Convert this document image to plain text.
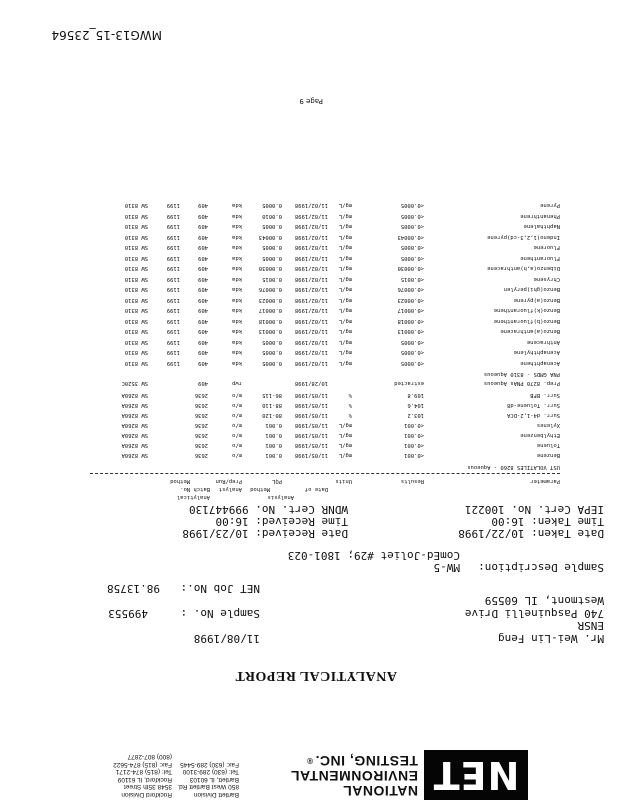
MWG13-15_23564
Page 9
NET
NATIONAL
ENVIRONMENTAL
TESTING, INC.®
Bartlett Division
850 West Bartlett Rd.
Bartlett, IL 60103
Tel: (630) 289-3100
Fax: (630) 289-5445
Rockford Division
3548 35th Street
Rockford, IL 61109
Tel: (815) 874-2171
Fax: (815) 874-5622
(800) 807-2877
ANALYTICAL REPORT
Mr. Wei-Lin Feng
11/08/1998
ENSR
740 Pasquinelli Drive
Sample No. :
499553
Westmont, IL 60559
NET Job No.:
98.13758
Sample Description:
MW-5
ComEd-Joliet #29; 1801-023
Date Taken: 10/22/1998
Date Received: 10/23/1998
Time Taken: 16:00
Time Received: 16:00
IEPA Cert. No. 100221
WDNR Cert. No. 999447130
Analysis
Analytical
Date of
Method
Analyst
Batch No.
Parameter
Results
Units
PQL
Prep/Run
Method
UST VOLATILES 8260 - Aqueous
Benzene
<0.001
mg/L
11/05/1998
0.001
m/o
2636
SW 8260A
Toluene
<0.001
mg/L
11/05/1998
0.001
m/o
2636
SW 8260A
Ethylbenzene
<0.001
mg/L
11/05/1998
0.001
m/o
2636
SW 8260A
Xylenes
<0.001
mg/L
11/05/1998
0.001
m/o
2636
SW 8260A
Surr. d4-1,2-DCA
103.2
%
11/05/1998
80-120
m/o
2636
SW 8260A
Surr. Toluene-d8
104.6
%
11/05/1998
88-110
m/o
2636
SW 8260A
Surr. BFB
109.8
%
11/05/1998
86-115
m/o
2636
SW 8260A
Prep. 8270 PNAs Aqueous
extracted
10/28/1998
rwp
409
SW 3520C
PNA GMDS - 8310 Aqueous
Acenaphthene
<0.0005
mg/L
11/02/1998
0.0005
kda
409
1199
SW 8310
Acenaphthylene
<0.0005
mg/L
11/02/1998
0.0005
kda
409
1199
SW 8310
Anthracene
<0.0005
mg/L
11/02/1998
0.0005
kda
409
1199
SW 8310
Benzo(a)anthracene
<0.00013
mg/L
11/02/1998
0.00013
kda
409
1199
SW 8310
Benzo(b)fluoranthene
<0.00018
mg/L
11/02/1998
0.00018
kda
409
1199
SW 8310
Benzo(k)fluoranthene
<0.00017
mg/L
11/02/1998
0.00017
kda
409
1199
SW 8310
Benzo(a)pyrene
<0.00023
mg/L
11/02/1998
0.00023
kda
409
1199
SW 8310
Benzo(ghi)perylen
<0.00076
mg/L
11/02/1998
0.00076
kda
409
1199
SW 8310
Chrysene
<0.0015
mg/L
11/02/1998
0.0015
kda
409
1199
SW 8310
Dibenzo(a,h)anthracene
<0.00030
mg/L
11/02/1998
0.00030
kda
409
1199
SW 8310
Fluoranthene
<0.0005
mg/L
11/02/1998
0.0005
kda
409
1199
SW 8310
Fluorene
<0.0005
mg/L
11/02/1998
0.0005
kda
409
1199
SW 8310
Indeno(1,2,3-cd)pyrene
<0.00043
mg/L
11/02/1998
0.00043
kda
409
1199
SW 8310
Naphthalene
<0.0005
mg/L
11/02/1998
0.0005
kda
409
1199
SW 8310
Phenanthrene
<0.0005
mg/L
11/02/1998
0.0010
kda
409
1199
SW 8310
Pyrene
<0.0005
mg/L
11/02/1998
0.0005
kda
409
1199
SW 8310
